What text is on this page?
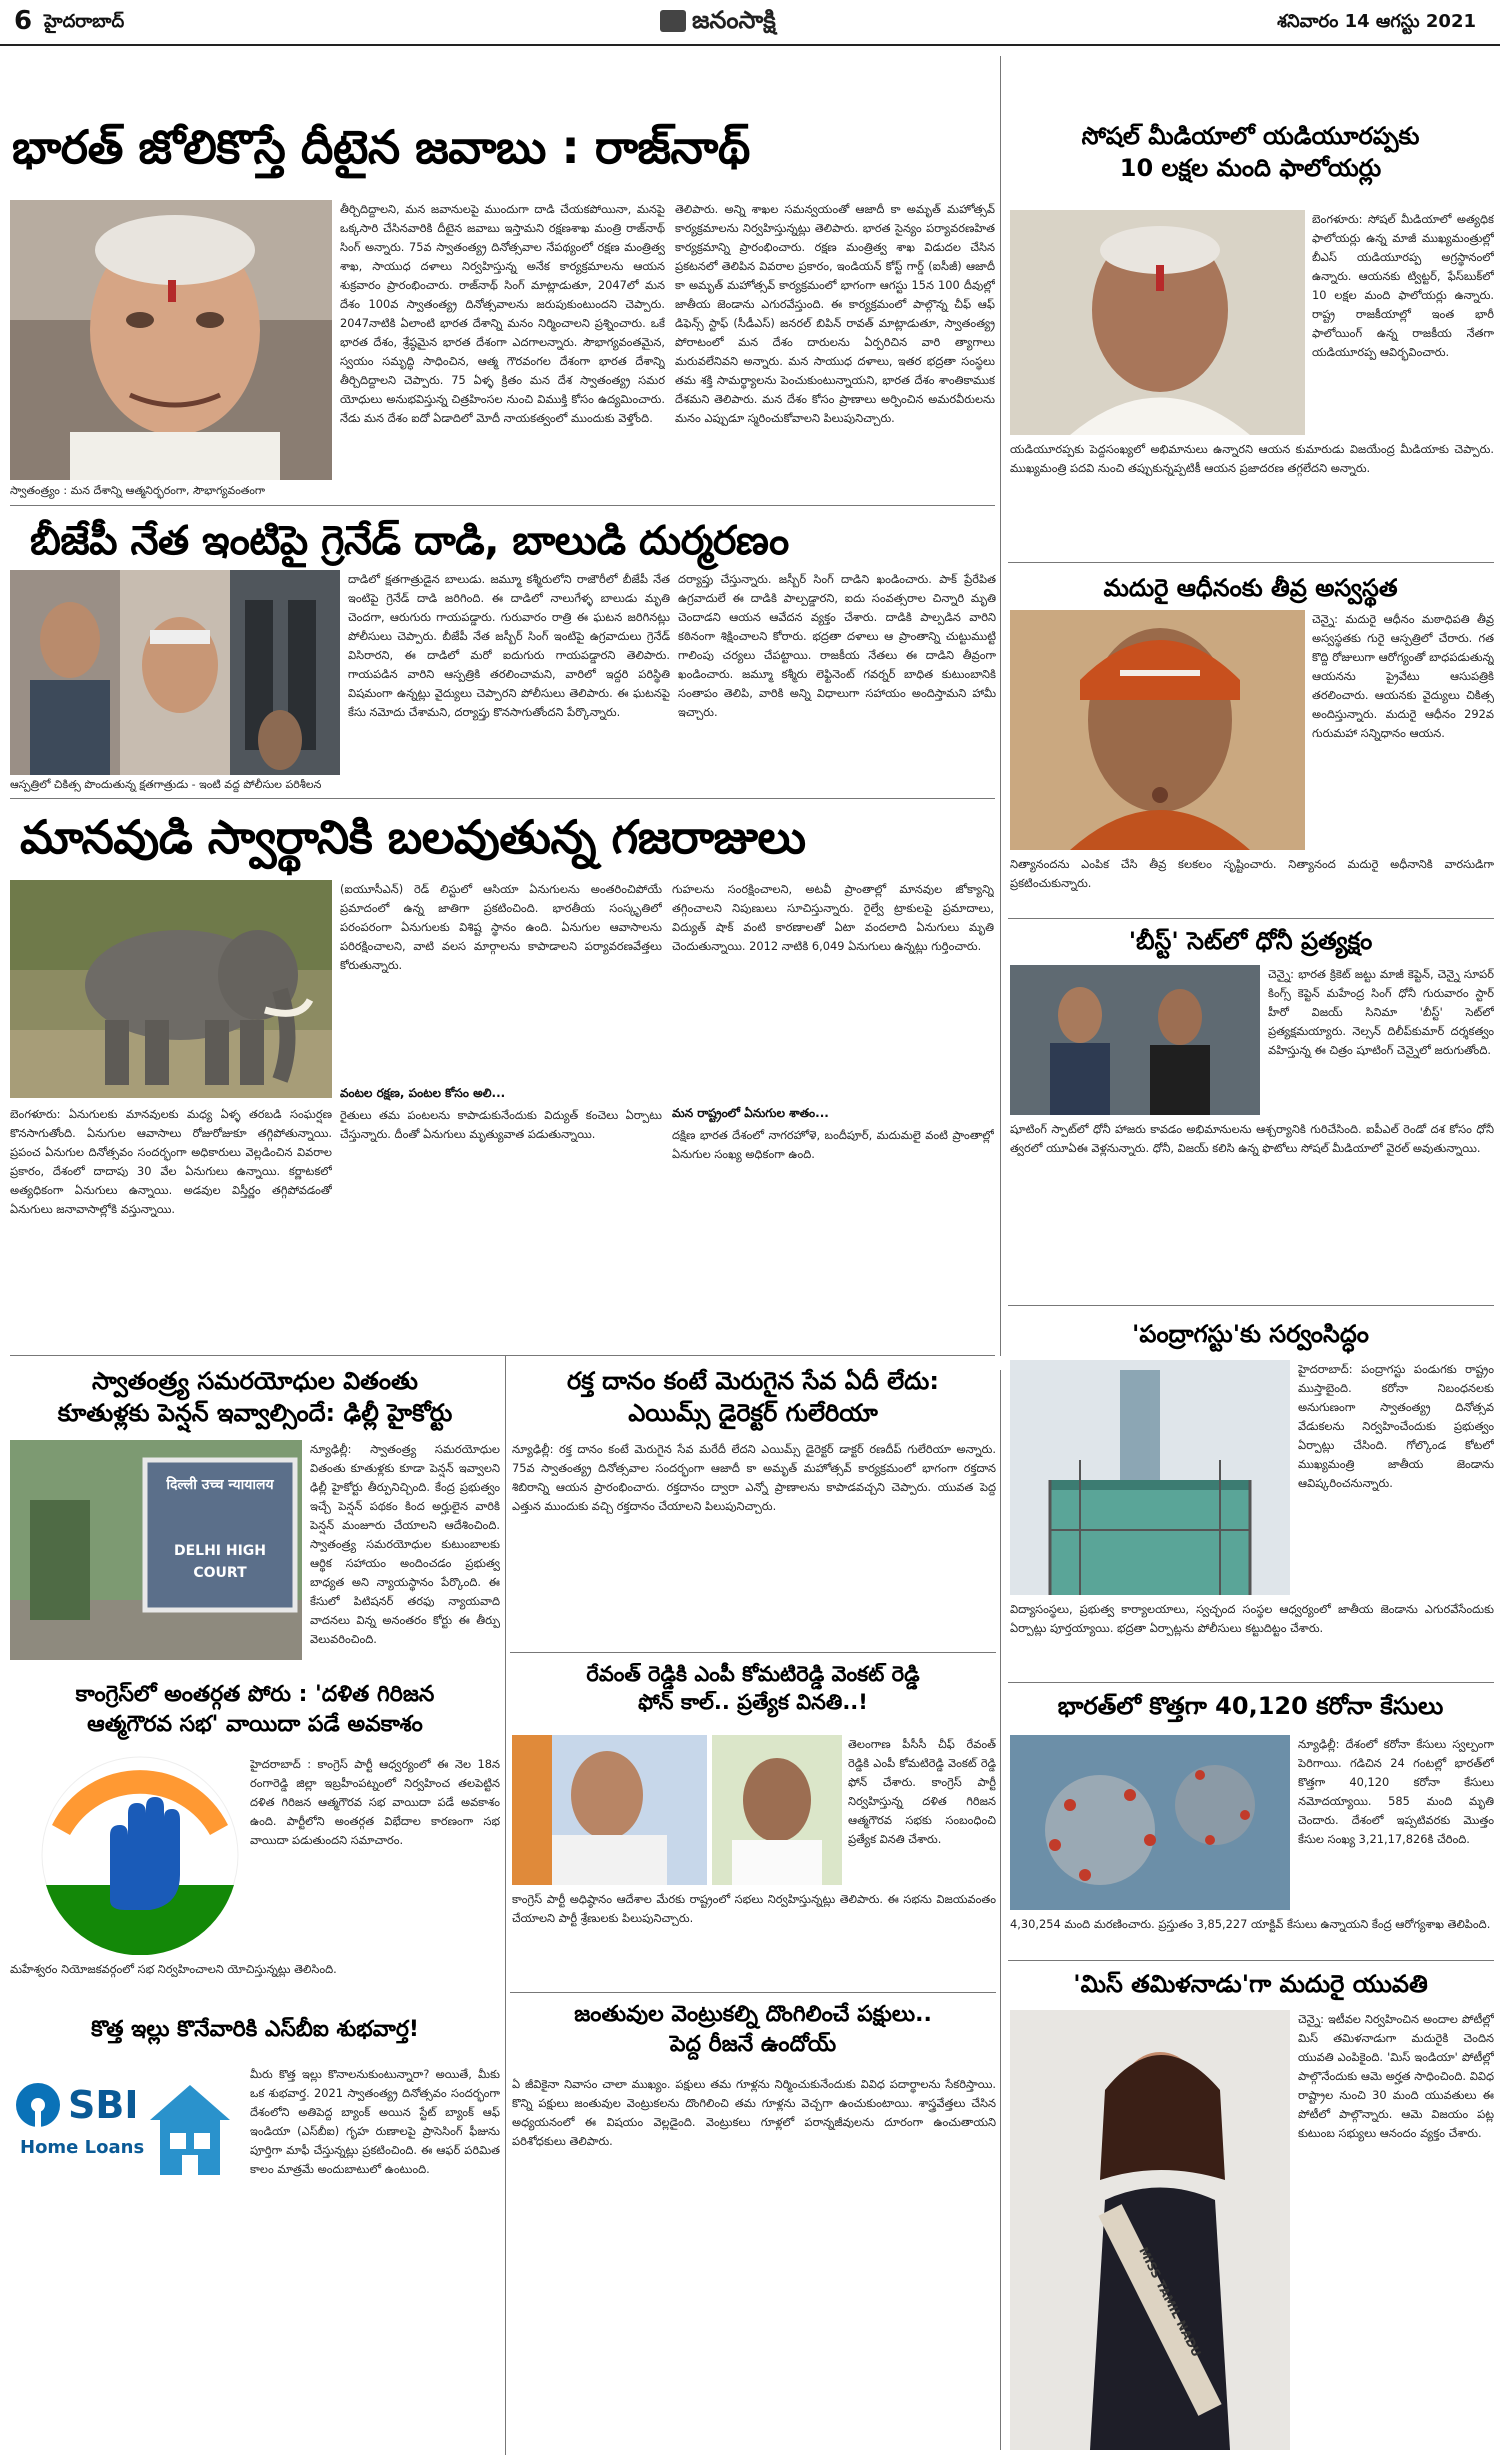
6 హైదరాబాద్	జనంసాక్షి	శనివారం 14 ఆగస్టు 2021
భారత్ జోలికొస్తే దీటైన జవాబు : రాజ్‌నాథ్
స్వాతంత్ర్యం : మన దేశాన్ని ఆత్మనిర్భరంగా, సౌభాగ్యవంతంగా
తీర్చిదిద్దాలని, మన జవానులపై ముందుగా దాడి చేయకపోయినా, మనపై ఒక్కసారి చేసినవారికి దీటైన జవాబు ఇస్తామని రక్షణశాఖ మంత్రి రాజ్‌నాథ్ సింగ్ అన్నారు. 75వ స్వాతంత్య్ర దినోత్సవాల నేపథ్యంలో రక్షణ మంత్రిత్వ శాఖ, సాయుధ దళాలు నిర్వహిస్తున్న అనేక కార్యక్రమాలను ఆయన శుక్రవారం ప్రారంభించారు. రాజ్‌నాథ్ సింగ్ మాట్లాడుతూ, 2047లో మన దేశం 100వ స్వాతంత్య్ర దినోత్సవాలను జరుపుకుంటుందని చెప్పారు. 2047నాటికి ఏలాంటి భారత దేశాన్ని మనం నిర్మించాలని ప్రశ్నించారు. ఒకే భారత దేశం, శ్రేష్ఠమైన భారత దేశంగా ఎదగాలన్నారు. సౌభాగ్యవంతమైన, స్వయం సమృద్ధి సాధించిన, ఆత్మ గౌరవంగల దేశంగా భారత దేశాన్ని తీర్చిదిద్దాలని చెప్పారు. 75 ఏళ్ళ క్రితం మన దేశ స్వాతంత్య్ర సమర యోధులు అనుభవిస్తున్న చిత్రహింసల నుంచి విముక్తి కోసం ఉద్యమించారు. నేడు మన దేశం ఐదో ఏడాదిలో మోదీ నాయకత్వంలో ముందుకు వెళ్తోంది.
తెలిపారు. అన్ని శాఖల సమన్వయంతో ఆజాదీ కా అమృత్ మహోత్సవ్ కార్యక్రమాలను నిర్వహిస్తున్నట్లు తెలిపారు. భారత సైన్యం పర్యావరణహిత కార్యక్రమాన్ని ప్రారంభించారు. రక్షణ మంత్రిత్వ శాఖ విడుదల చేసిన ప్రకటనలో తెలిపిన వివరాల ప్రకారం, ఇండియన్ కోస్ట్ గార్డ్ (ఐసీజీ) ఆజాదీ కా అమృత్ మహోత్సవ్ కార్యక్రమంలో భాగంగా ఆగస్టు 15న 100 దీవుల్లో జాతీయ జెండాను ఎగురవేస్తుంది. ఈ కార్యక్రమంలో పాల్గొన్న చీఫ్ ఆఫ్ డిఫెన్స్ స్టాఫ్ (సీడీఎస్) జనరల్ బిపిన్ రావత్ మాట్లాడుతూ, స్వాతంత్య్ర పోరాటంలో మన దేశం దారులను ఏర్పరిచిన వారి త్యాగాలు మరువలేనివని అన్నారు. మన సాయుధ దళాలు, ఇతర భద్రతా సంస్థలు తమ శక్తి సామర్థ్యాలను పెంచుకుంటున్నాయని, భారత దేశం శాంతికాముక దేశమని తెలిపారు. మన దేశం కోసం ప్రాణాలు అర్పించిన అమరవీరులను మనం ఎప్పుడూ స్మరించుకోవాలని పిలుపునిచ్చారు.
బీజేపీ నేత ఇంటిపై గ్రెనేడ్ దాడి, బాలుడి దుర్మరణం
ఆస్పత్రిలో చికిత్స పొందుతున్న క్షతగాత్రుడు - ఇంటి వద్ద పోలీసుల పరిశీలన
దాడిలో క్షతగాత్రుడైన బాలుడు. జమ్మూ కశ్మీరులోని రాజౌరీలో బీజేపీ నేత ఇంటిపై గ్రెనేడ్ దాడి జరిగింది. ఈ దాడిలో నాలుగేళ్ళ బాలుడు మృతి చెందగా, ఆరుగురు గాయపడ్డారు. గురువారం రాత్రి ఈ ఘటన జరిగినట్లు పోలీసులు చెప్పారు. బీజేపీ నేత జస్బీర్ సింగ్ ఇంటిపై ఉగ్రవాదులు గ్రెనేడ్ విసిరారని, ఈ దాడిలో మరో ఐదుగురు గాయపడ్డారని తెలిపారు. గాయపడిన వారిని ఆస్పత్రికి తరలించామని, వారిలో ఇద్దరి పరిస్థితి విషమంగా ఉన్నట్లు వైద్యులు చెప్పారని పోలీసులు తెలిపారు. ఈ ఘటనపై కేసు నమోదు చేశామని, దర్యాప్తు కొనసాగుతోందని పేర్కొన్నారు.
దర్యాప్తు చేస్తున్నారు. జస్బీర్ సింగ్ దాడిని ఖండించారు. పాక్ ప్రేరేపిత ఉగ్రవాదులే ఈ దాడికి పాల్పడ్డారని, ఐదు సంవత్సరాల చిన్నారి మృతి చెందాడని ఆయన ఆవేదన వ్యక్తం చేశారు. దాడికి పాల్పడిన వారిని కఠినంగా శిక్షించాలని కోరారు. భద్రతా దళాలు ఆ ప్రాంతాన్ని చుట్టుముట్టి గాలింపు చర్యలు చేపట్టాయి. రాజకీయ నేతలు ఈ దాడిని తీవ్రంగా ఖండించారు. జమ్మూ కశ్మీరు లెఫ్టినెంట్ గవర్నర్ బాధిత కుటుంబానికి సంతాపం తెలిపి, వారికి అన్ని విధాలుగా సహాయం అందిస్తామని హామీ ఇచ్చారు.
మానవుడి స్వార్థానికి బలవుతున్న గజరాజులు
బెంగళూరు: ఏనుగులకు మానవులకు మధ్య ఏళ్ళ తరబడి సంఘర్షణ కొనసాగుతోంది. ఏనుగుల ఆవాసాలు రోజురోజుకూ తగ్గిపోతున్నాయి. ప్రపంచ ఏనుగుల దినోత్సవం సందర్భంగా అధికారులు వెల్లడించిన వివరాల ప్రకారం, దేశంలో దాదాపు 30 వేల ఏనుగులు ఉన్నాయి. కర్ణాటకలో అత్యధికంగా ఏనుగులు ఉన్నాయి. అడవుల విస్తీర్ణం తగ్గిపోవడంతో ఏనుగులు జనావాసాల్లోకి వస్తున్నాయి.
(ఐయూసీఎన్) రెడ్ లిస్టులో ఆసియా ఏనుగులను అంతరించిపోయే ప్రమాదంలో ఉన్న జాతిగా ప్రకటించింది. భారతీయ సంస్కృతిలో పరంపరంగా ఏనుగులకు విశిష్ట స్థానం ఉంది. ఏనుగుల ఆవాసాలను పరిరక్షించాలని, వాటి వలస మార్గాలను కాపాడాలని పర్యావరణవేత్తలు కోరుతున్నారు.
వంటల రక్షణ, పంటల కోసం అలి...
రైతులు తమ పంటలను కాపాడుకునేందుకు విద్యుత్ కంచెలు ఏర్పాటు చేస్తున్నారు. దీంతో ఏనుగులు మృత్యువాత పడుతున్నాయి.
గుహలను సంరక్షించాలని, అటవీ ప్రాంతాల్లో మానవుల జోక్యాన్ని తగ్గించాలని నిపుణులు సూచిస్తున్నారు. రైల్వే ట్రాకులపై ప్రమాదాలు, విద్యుత్ షాక్ వంటి కారణాలతో ఏటా వందలాది ఏనుగులు మృతి చెందుతున్నాయి. 2012 నాటికి 6,049 ఏనుగులు ఉన్నట్లు గుర్తించారు.
మన రాష్ట్రంలో ఏనుగుల శాతం...
దక్షిణ భారత దేశంలో నాగరహోళె, బందీపూర్, మదుమలై వంటి ప్రాంతాల్లో ఏనుగుల సంఖ్య అధికంగా ఉంది.
స్వాతంత్ర్య సమరయోధుల వితంతు
కూతుళ్లకు పెన్షన్ ఇవ్వాల్సిందే: ఢిల్లీ హైకోర్టు
दिल्ली उच्च न्यायालय
DELHI HIGH COURT
న్యూఢిల్లీ: స్వాతంత్ర్య సమరయోధుల వితంతు కూతుళ్లకు కూడా పెన్షన్ ఇవ్వాలని ఢిల్లీ హైకోర్టు తీర్పునిచ్చింది. కేంద్ర ప్రభుత్వం ఇచ్చే పెన్షన్ పథకం కింద అర్హులైన వారికి పెన్షన్ మంజూరు చేయాలని ఆదేశించింది. స్వాతంత్ర్య సమరయోధుల కుటుంబాలకు ఆర్థిక సహాయం అందించడం ప్రభుత్వ బాధ్యత అని న్యాయస్థానం పేర్కొంది. ఈ కేసులో పిటిషనర్ తరఫు న్యాయవాది వాదనలు విన్న అనంతరం కోర్టు ఈ తీర్పు వెలువరించింది.
రక్త దానం కంటే మెరుగైన సేవ ఏదీ లేదు:
ఎయిమ్స్ డైరెక్టర్ గులేరియా
న్యూఢిల్లీ: రక్త దానం కంటే మెరుగైన సేవ మరేదీ లేదని ఎయిమ్స్ డైరెక్టర్ డాక్టర్ రణదీప్ గులేరియా అన్నారు. 75వ స్వాతంత్య్ర దినోత్సవాల సందర్భంగా ఆజాదీ కా అమృత్ మహోత్సవ్ కార్యక్రమంలో భాగంగా రక్తదాన శిబిరాన్ని ఆయన ప్రారంభించారు. రక్తదానం ద్వారా ఎన్నో ప్రాణాలను కాపాడవచ్చని చెప్పారు. యువత పెద్ద ఎత్తున ముందుకు వచ్చి రక్తదానం చేయాలని పిలుపునిచ్చారు.
రేవంత్ రెడ్డికి ఎంపీ కోమటిరెడ్డి వెంకట్ రెడ్డి
ఫోన్ కాల్.. ప్రత్యేక వినతి..!
తెలంగాణ పీసీసీ చీఫ్ రేవంత్ రెడ్డికి ఎంపీ కోమటిరెడ్డి వెంకట్ రెడ్డి ఫోన్ చేశారు. కాంగ్రెస్ పార్టీ నిర్వహిస్తున్న దళిత గిరిజన ఆత్మగౌరవ సభకు సంబంధించి ప్రత్యేక వినతి చేశారు.
కాంగ్రెస్ పార్టీ అధిష్ఠానం ఆదేశాల మేరకు రాష్ట్రంలో సభలు నిర్వహిస్తున్నట్లు తెలిపారు. ఈ సభను విజయవంతం చేయాలని పార్టీ శ్రేణులకు పిలుపునిచ్చారు.
కాంగ్రెస్‌లో అంతర్గత పోరు : 'దళిత గిరిజన
ఆత్మగౌరవ సభ' వాయిదా పడే అవకాశం
హైదరాబాద్ : కాంగ్రెస్ పార్టీ ఆధ్వర్యంలో ఈ నెల 18న రంగారెడ్డి జిల్లా ఇబ్రహీంపట్నంలో నిర్వహించ తలపెట్టిన దళిత గిరిజన ఆత్మగౌరవ సభ వాయిదా పడే అవకాశం ఉంది. పార్టీలోని అంతర్గత విభేదాల కారణంగా సభ వాయిదా పడుతుందని సమాచారం.
మహేశ్వరం నియోజకవర్గంలో సభ నిర్వహించాలని యోచిస్తున్నట్లు తెలిసింది.
కొత్త ఇల్లు కొనేవారికి ఎస్‌బీఐ శుభవార్త!
SBI
Home Loans
మీరు కొత్త ఇల్లు కొనాలనుకుంటున్నారా? అయితే, మీకు ఒక శుభవార్త. 2021 స్వాతంత్య్ర దినోత్సవం సందర్భంగా దేశంలోని అతిపెద్ద బ్యాంక్ అయిన స్టేట్ బ్యాంక్ ఆఫ్ ఇండియా (ఎస్‌బీఐ) గృహ రుణాలపై ప్రాసెసింగ్ ఫీజును పూర్తిగా మాఫీ చేస్తున్నట్లు ప్రకటించింది. ఈ ఆఫర్ పరిమిత కాలం మాత్రమే అందుబాటులో ఉంటుంది.
జంతువుల వెంట్రుకల్ని దొంగిలించే పక్షులు..
పెద్ద రీజనే ఉందోయ్
ఏ జీవికైనా నివాసం చాలా ముఖ్యం. పక్షులు తమ గూళ్లను నిర్మించుకునేందుకు వివిధ పదార్థాలను సేకరిస్తాయి. కొన్ని పక్షులు జంతువుల వెంట్రుకలను దొంగిలించి తమ గూళ్లను వెచ్చగా ఉంచుకుంటాయి. శాస్త్రవేత్తలు చేసిన అధ్యయనంలో ఈ విషయం వెల్లడైంది. వెంట్రుకలు గూళ్లలో పరాన్నజీవులను దూరంగా ఉంచుతాయని పరిశోధకులు తెలిపారు.
సోషల్ మీడియాలో యడియూరప్పకు
10 లక్షల మంది ఫాలోయర్లు
బెంగళూరు: సోషల్ మీడియాలో అత్యధిక ఫాలోయర్లు ఉన్న మాజీ ముఖ్యమంత్రుల్లో బీఎస్ యడియూరప్ప అగ్రస్థానంలో ఉన్నారు. ఆయనకు ట్విట్టర్, ఫేస్‌బుక్‌లో 10 లక్షల మంది ఫాలోయర్లు ఉన్నారు. రాష్ట్ర రాజకీయాల్లో ఇంత భారీ ఫాలోయింగ్ ఉన్న రాజకీయ నేతగా యడియూరప్ప ఆవిర్భవించారు.
యడియూరప్పకు పెద్దసంఖ్యలో అభిమానులు ఉన్నారని ఆయన కుమారుడు విజయేంద్ర మీడియాకు చెప్పారు. ముఖ్యమంత్రి పదవి నుంచి తప్పుకున్నప్పటికీ ఆయన ప్రజాదరణ తగ్గలేదని అన్నారు.
మదురై ఆధీనంకు తీవ్ర అస్వస్థత
చెన్నై: మదురై ఆధీనం మఠాధిపతి తీవ్ర అస్వస్థతకు గురై ఆస్పత్రిలో చేరారు. గత కొద్ది రోజులుగా ఆరోగ్యంతో బాధపడుతున్న ఆయనను ప్రైవేటు ఆసుపత్రికి తరలించారు. ఆయనకు వైద్యులు చికిత్స అందిస్తున్నారు. మదురై ఆధీనం 292వ గురుమహా సన్నిధానం ఆయన.
నిత్యానందను ఎంపిక చేసి తీవ్ర కలకలం సృష్టించారు. నిత్యానంద మదురై అధీనానికి వారసుడిగా ప్రకటించుకున్నారు.
'బీస్ట్' సెట్‌లో ధోనీ ప్రత్యక్షం
చెన్నై: భారత క్రికెట్ జట్టు మాజీ కెప్టెన్, చెన్నై సూపర్ కింగ్స్ కెప్టెన్ మహేంద్ర సింగ్ ధోనీ గురువారం స్టార్ హీరో విజయ్ సినిమా 'బీస్ట్' సెట్‌లో ప్రత్యక్షమయ్యారు. నెల్సన్ దిలీప్‌కుమార్ దర్శకత్వం వహిస్తున్న ఈ చిత్రం షూటింగ్ చెన్నైలో జరుగుతోంది.
షూటింగ్ స్పాట్‌లో ధోనీ హాజరు కావడం అభిమానులను ఆశ్చర్యానికి గురిచేసింది. ఐపీఎల్ రెండో దశ కోసం ధోనీ త్వరలో యూఏఈ వెళ్లనున్నారు. ధోనీ, విజయ్ కలిసి ఉన్న ఫొటోలు సోషల్ మీడియాలో వైరల్ అవుతున్నాయి.
'పంద్రాగస్టు'కు సర్వంసిద్ధం
హైదరాబాద్: పంద్రాగస్టు పండుగకు రాష్ట్రం ముస్తాబైంది. కరోనా నిబంధనలకు అనుగుణంగా స్వాతంత్య్ర దినోత్సవ వేడుకలను నిర్వహించేందుకు ప్రభుత్వం ఏర్పాట్లు చేసింది. గోల్కొండ కోటలో ముఖ్యమంత్రి జాతీయ జెండాను ఆవిష్కరించనున్నారు.
విద్యాసంస్థలు, ప్రభుత్వ కార్యాలయాలు, స్వచ్ఛంద సంస్థల ఆధ్వర్యంలో జాతీయ జెండాను ఎగురవేసేందుకు ఏర్పాట్లు పూర్తయ్యాయి. భద్రతా ఏర్పాట్లను పోలీసులు కట్టుదిట్టం చేశారు.
భారత్‌లో కొత్తగా 40,120 కరోనా కేసులు
న్యూఢిల్లీ: దేశంలో కరోనా కేసులు స్వల్పంగా పెరిగాయి. గడిచిన 24 గంటల్లో భారత్‌లో కొత్తగా 40,120 కరోనా కేసులు నమోదయ్యాయి. 585 మంది మృతి చెందారు. దేశంలో ఇప్పటివరకు మొత్తం కేసుల సంఖ్య 3,21,17,826కి చేరింది.
4,30,254 మంది మరణించారు. ప్రస్తుతం 3,85,227 యాక్టివ్ కేసులు ఉన్నాయని కేంద్ర ఆరోగ్యశాఖ తెలిపింది.
'మిస్ తమిళనాడు'గా మదురై యువతి
MISS TAMIL NADU
చెన్నై: ఇటీవల నిర్వహించిన అందాల పోటీల్లో మిస్ తమిళనాడుగా మదురైకి చెందిన యువతి ఎంపికైంది. 'మిస్ ఇండియా' పోటీల్లో పాల్గొనేందుకు ఆమె అర్హత సాధించింది. వివిధ రాష్ట్రాల నుంచి 30 మంది యువతులు ఈ పోటీలో పాల్గొన్నారు. ఆమె విజయం పట్ల కుటుంబ సభ్యులు ఆనందం వ్యక్తం చేశారు.
